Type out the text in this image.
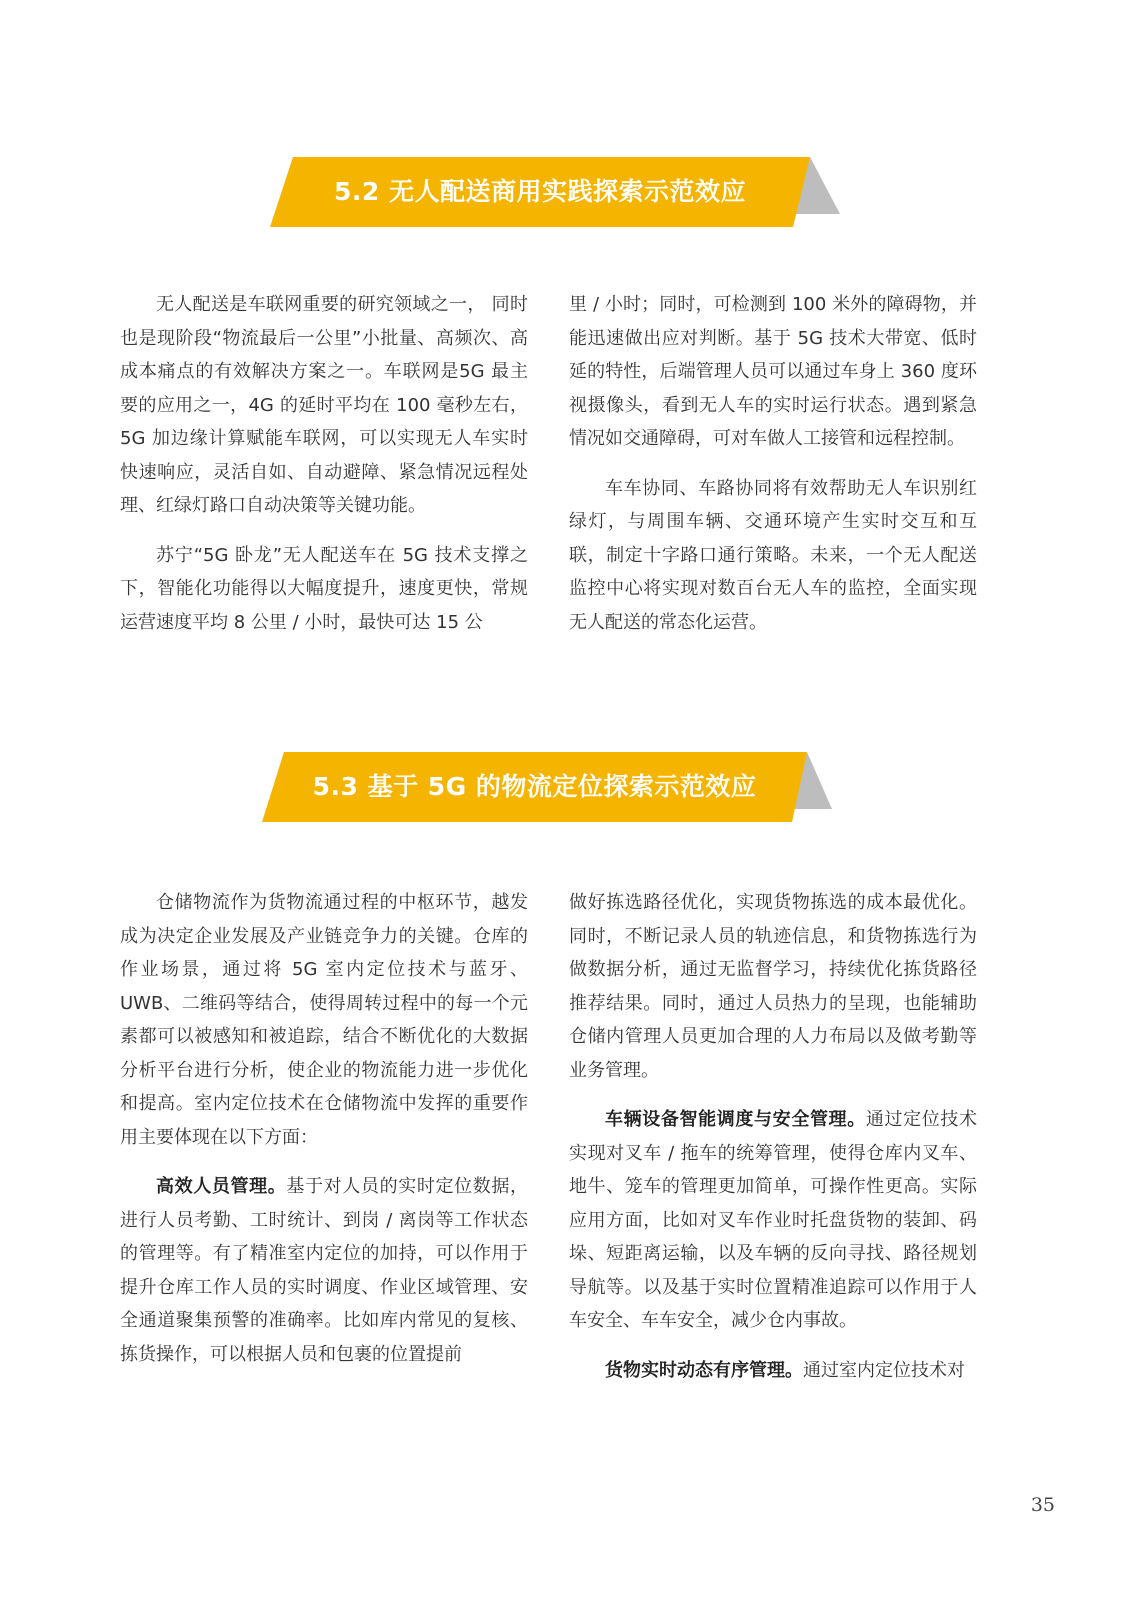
5.2 无人配送商用实践探索示范效应

无人配送是车联网重要的研究领域之一， 同时也是现阶段“物流最后一公里”小批量、高频次、高成本痛点的有效解决方案之一。车联网是5G 最主要的应用之一，4G 的延时平均在 100 毫秒左右，5G 加边缘计算赋能车联网，可以实现无人车实时快速响应，灵活自如、自动避障、紧急情况远程处理、红绿灯路口自动决策等关键功能。

苏宁“5G 卧龙”无人配送车在 5G 技术支撑之下，智能化功能得以大幅度提升，速度更快，常规运营速度平均 8 公里 / 小时，最快可达 15 公

里 / 小时；同时，可检测到 100 米外的障碍物，并能迅速做出应对判断。基于 5G 技术大带宽、低时延的特性，后端管理人员可以通过车身上 360 度环视摄像头，看到无人车的实时运行状态。遇到紧急情况如交通障碍，可对车做人工接管和远程控制。

车车协同、车路协同将有效帮助无人车识别红绿灯，与周围车辆、交通环境产生实时交互和互联，制定十字路口通行策略。未来，一个无人配送监控中心将实现对数百台无人车的监控，全面实现无人配送的常态化运营。

5.3 基于 5G 的物流定位探索示范效应

仓储物流作为货物流通过程的中枢环节，越发成为决定企业发展及产业链竞争力的关键。仓库的作业场景，通过将 5G 室内定位技术与蓝牙、UWB、二维码等结合，使得周转过程中的每一个元素都可以被感知和被追踪，结合不断优化的大数据分析平台进行分析，使企业的物流能力进一步优化和提高。室内定位技术在仓储物流中发挥的重要作用主要体现在以下方面：

高效人员管理。基于对人员的实时定位数据，进行人员考勤、工时统计、到岗 / 离岗等工作状态的管理等。有了精准室内定位的加持，可以作用于提升仓库工作人员的实时调度、作业区域管理、安全通道聚集预警的准确率。比如库内常见的复核、拣货操作，可以根据人员和包裹的位置提前

做好拣选路径优化，实现货物拣选的成本最优化。同时，不断记录人员的轨迹信息，和货物拣选行为做数据分析，通过无监督学习，持续优化拣货路径推荐结果。同时，通过人员热力的呈现，也能辅助仓储内管理人员更加合理的人力布局以及做考勤等业务管理。

车辆设备智能调度与安全管理。通过定位技术实现对叉车 / 拖车的统筹管理，使得仓库内叉车、地牛、笼车的管理更加简单，可操作性更高。实际应用方面，比如对叉车作业时托盘货物的装卸、码垛、短距离运输，以及车辆的反向寻找、路径规划导航等。以及基于实时位置精准追踪可以作用于人车安全、车车安全，减少仓内事故。

货物实时动态有序管理。通过室内定位技术对

35
